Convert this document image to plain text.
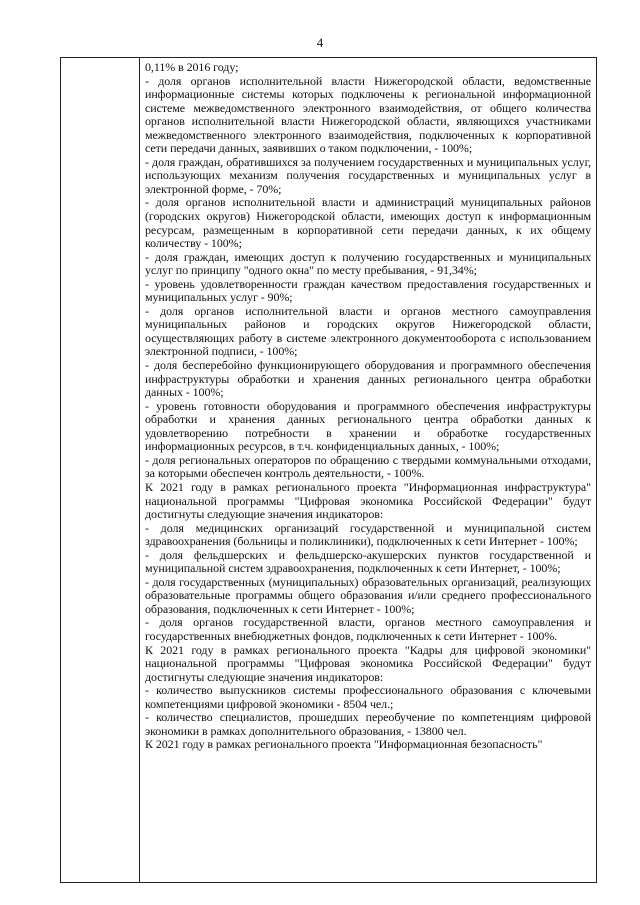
4

0,11% в 2016 году;

- доля органов исполнительной власти Нижегородской области, ведомственные информационные системы которых подключены к региональной информационной системе межведомственного электронного взаимодействия, от общего количества органов исполнительной власти Нижегородской области, являющихся участниками межведомственного электронного взаимодействия, подключенных к корпоративной сети передачи данных, заявивших о таком подключении, - 100%;

- доля граждан, обратившихся за получением государственных и муниципальных услуг, использующих механизм получения государственных и муниципальных услуг в электронной форме, - 70%;

- доля органов исполнительной власти и администраций муниципальных районов (городских округов) Нижегородской области, имеющих доступ к информационным ресурсам, размещенным в корпоративной сети передачи данных, к их общему количеству - 100%;

- доля граждан, имеющих доступ к получению государственных и муниципальных услуг по принципу "одного окна" по месту пребывания, - 91,34%;

- уровень удовлетворенности граждан качеством предоставления государственных и муниципальных услуг - 90%;

- доля органов исполнительной власти и органов местного самоуправления муниципальных районов и городских округов Нижегородской области, осуществляющих работу в системе электронного документооборота с использованием электронной подписи, - 100%;

- доля бесперебойно функционирующего оборудования и программного обеспечения инфраструктуры обработки и хранения данных регионального центра обработки данных - 100%;

- уровень готовности оборудования и программного обеспечения инфраструктуры обработки и хранения данных регионального центра обработки данных к удовлетворению потребности в хранении и обработке государственных информационных ресурсов, в т.ч. конфиденциальных данных, - 100%;

- доля региональных операторов по обращению с твердыми коммунальными отходами, за которыми обеспечен контроль деятельности, - 100%.

К 2021 году в рамках регионального проекта "Информационная инфраструктура" национальной программы "Цифровая экономика Российской Федерации" будут достигнуты следующие значения индикаторов:

- доля медицинских организаций государственной и муниципальной систем здравоохранения (больницы и поликлиники), подключенных к сети Интернет - 100%;

- доля фельдшерских и фельдшерско-акушерских пунктов государственной и муниципальной систем здравоохранения, подключенных к сети Интернет, - 100%;

- доля государственных (муниципальных) образовательных организаций, реализующих образовательные программы общего образования и/или среднего профессионального образования, подключенных к сети Интернет - 100%;

- доля органов государственной власти, органов местного самоуправления и государственных внебюджетных фондов, подключенных к сети Интернет - 100%.

К 2021 году в рамках регионального проекта "Кадры для цифровой экономики" национальной программы "Цифровая экономика Российской Федерации" будут достигнуты следующие значения индикаторов:

- количество выпускников системы профессионального образования с ключевыми компетенциями цифровой экономики - 8504 чел.;

- количество специалистов, прошедших переобучение по компетенциям цифровой экономики в рамках дополнительного образования, - 13800 чел.

К 2021 году в рамках регионального проекта "Информационная безопасность"
